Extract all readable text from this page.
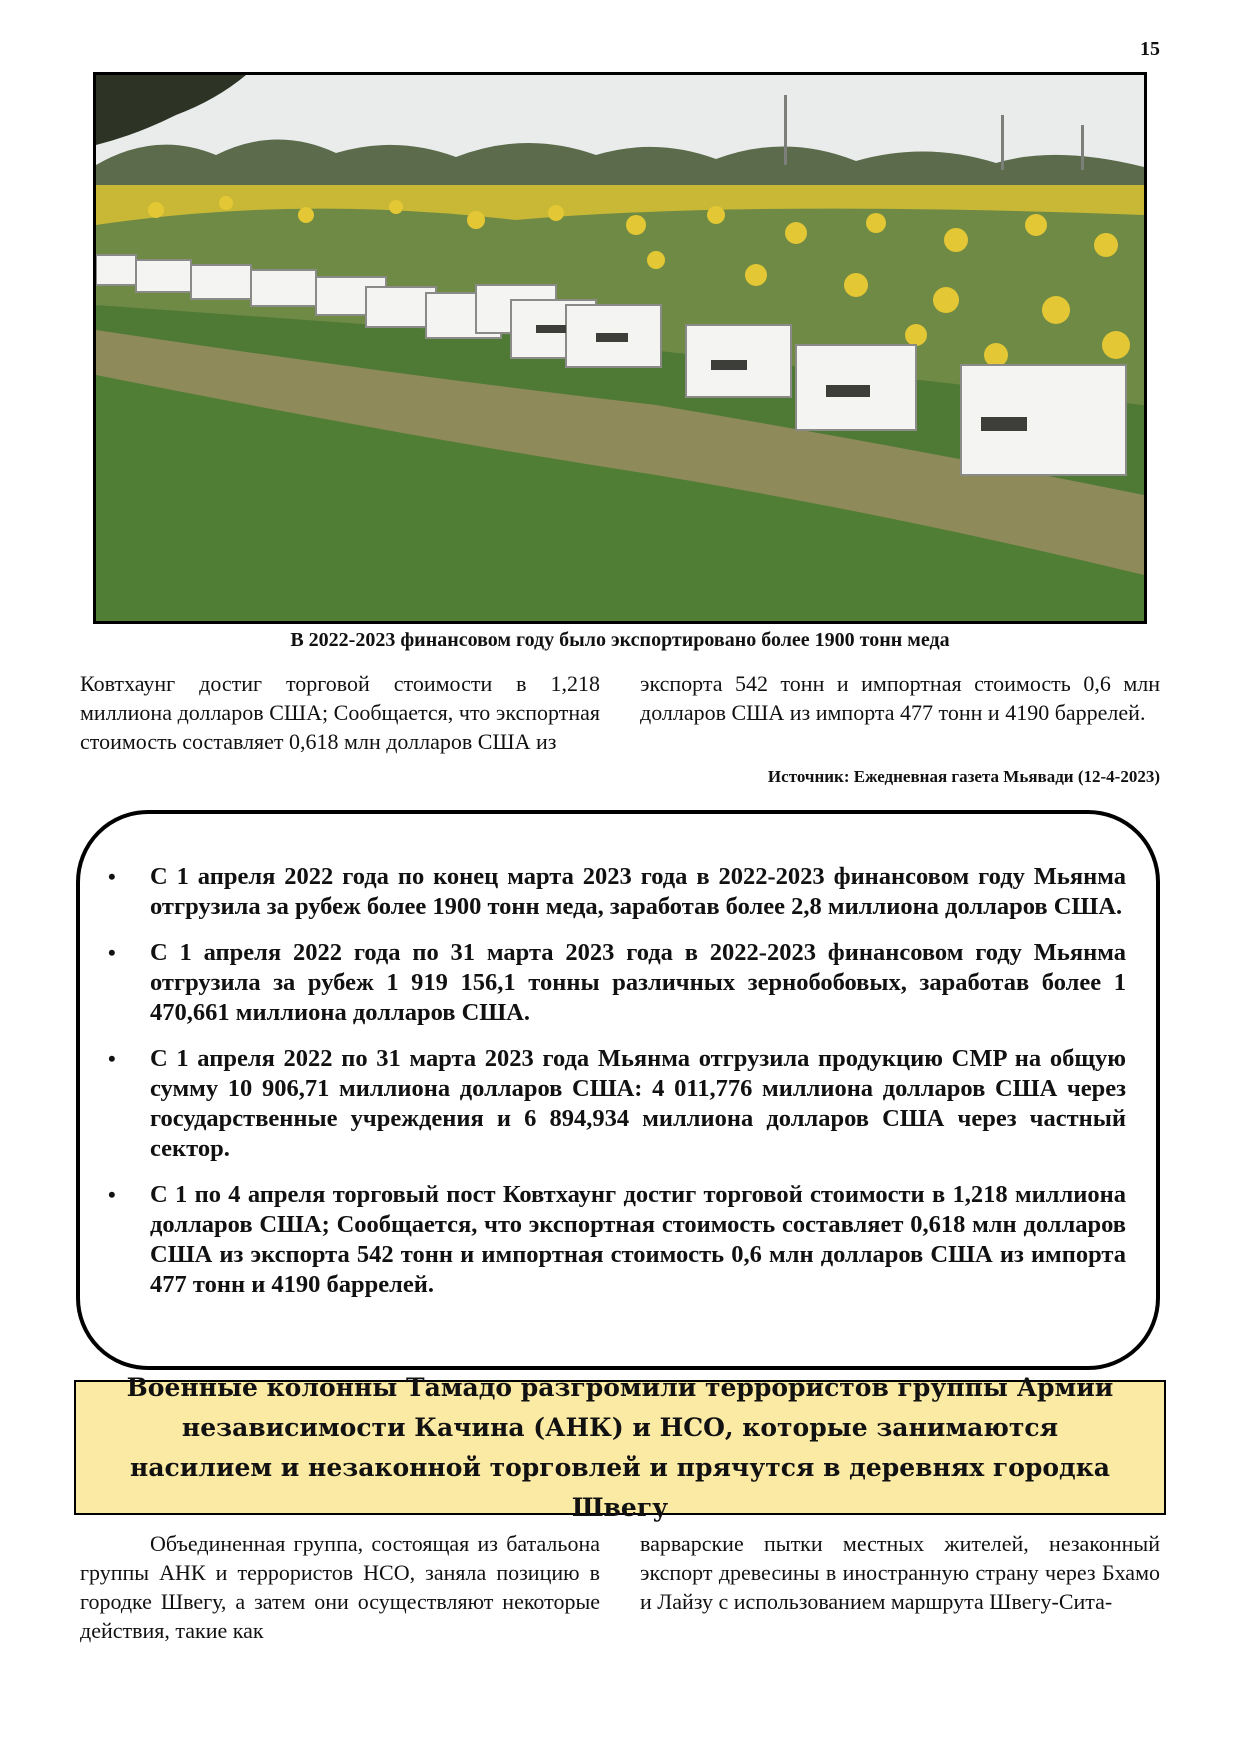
15
В 2022-2023 финансовом году было экспортировано более 1900 тонн меда

Ковтхаунг достиг торговой стоимости в 1,218 миллиона долларов США; Сообщается, что экспортная стоимость составляет 0,618 млн долларов США из

экспорта 542 тонн и импортная стоимость 0,6 млн долларов США из импорта 477 тонн и 4190 баррелей.

Источник: Ежедневная газета Мьявади (12-4-2023)
• С 1 апреля 2022 года по конец марта 2023 года в 2022-2023 финансовом году Мьянма отгрузила за рубеж более 1900 тонн меда, заработав более 2,8 миллиона долларов США.
• С 1 апреля 2022 года по 31 марта 2023 года в 2022-2023 финансовом году Мьянма отгрузила за рубеж 1 919 156,1 тонны различных зернобобовых, заработав более 1 470,661 миллиона долларов США.
• С 1 апреля 2022 по 31 марта 2023 года Мьянма отгрузила продукцию CMP на общую сумму 10 906,71 миллиона долларов США: 4 011,776 миллиона долларов США через государственные учреждения и 6 894,934 миллиона долларов США через частный сектор.
• С 1 по 4 апреля торговый пост Ковтхаунг достиг торговой стоимости в 1,218 миллиона долларов США; Сообщается, что экспортная стоимость составляет 0,618 млн долларов США из экспорта 542 тонн и импортная стоимость 0,6 млн долларов США из импорта 477 тонн и 4190 баррелей.
Военные колонны Тамадо разгромили террористов группы Армии независимости Качина (АНК) и НСО, которые занимаются насилием и незаконной торговлей и прячутся в деревнях городка Швегу

Объединенная группа, состоящая из батальона группы АНК и террористов НСО, заняла позицию в городке Швегу, а затем они осуществляют некоторые действия, такие как

варварские пытки местных жителей, незаконный экспорт древесины в иностранную страну через Бхамо и Лайзу с использованием маршрута Швегу-Сита-
